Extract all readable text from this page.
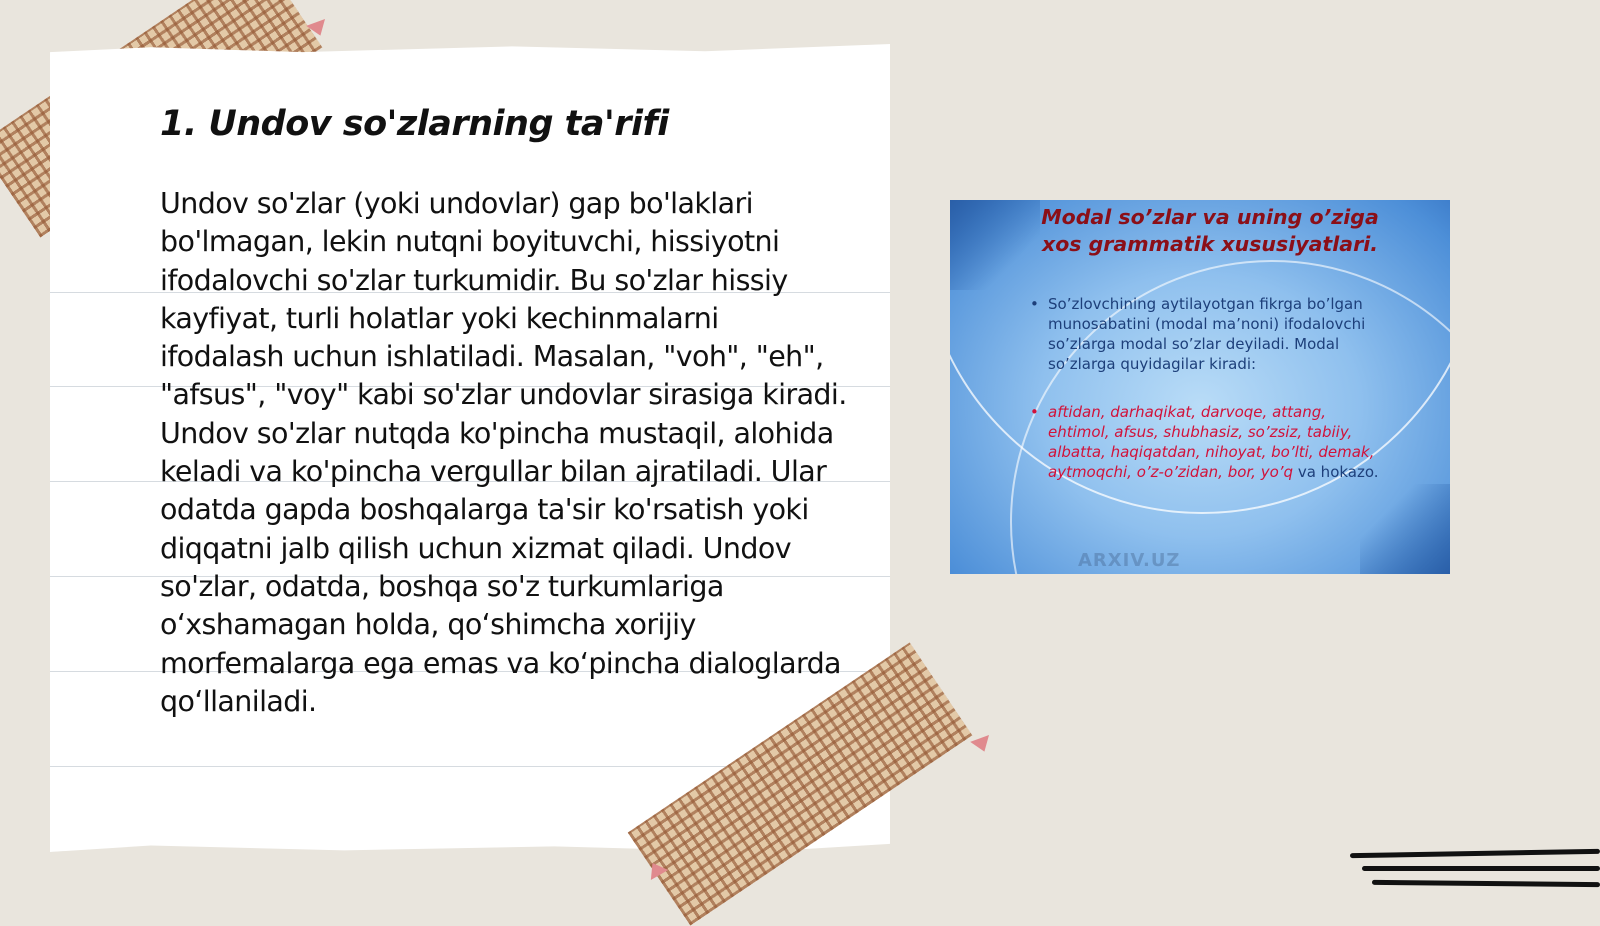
1. Undov so'zlarning ta'rifi

Undov so'zlar (yoki undovlar) gap bo'laklari bo'lmagan, lekin nutqni boyituvchi, hissiyotni ifodalovchi so'zlar turkumidir. Bu so'zlar hissiy kayfiyat, turli holatlar yoki kechinmalarni ifodalash uchun ishlatiladi. Masalan, "voh", "eh", "afsus", "voy" kabi so'zlar undovlar sirasiga kiradi. Undov so'zlar nutqda ko'pincha mustaqil, alohida keladi va ko'pincha vergullar bilan ajratiladi. Ular odatda gapda boshqalarga ta'sir ko'rsatish yoki diqqatni jalb qilish uchun xizmat qiladi. Undov so'zlar, odatda, boshqa so'z turkumlariga o‘xshamagan holda, qo‘shimcha xorijiy morfemalarga ega emas va ko‘pincha dialoglarda qo‘llaniladi.

Modal so’zlar va uning o’ziga xos grammatik xususiyatlari.
• So’zlovchining aytilayotgan fikrga bo’lgan munosabatini (modal ma’noni) ifodalovchi so’zlarga modal so’zlar deyiladi. Modal so’zlarga quyidagilar kiradi:
• aftidan, darhaqikat, darvoqe, attang, ehtimol, afsus, shubhasiz, so’zsiz, tabiiy, albatta, haqiqatdan, nihoyat, bo’lti, demak, aytmoqchi, o’z-o’zidan, bor, yo’q va hokazo.
ARXIV.UZ
